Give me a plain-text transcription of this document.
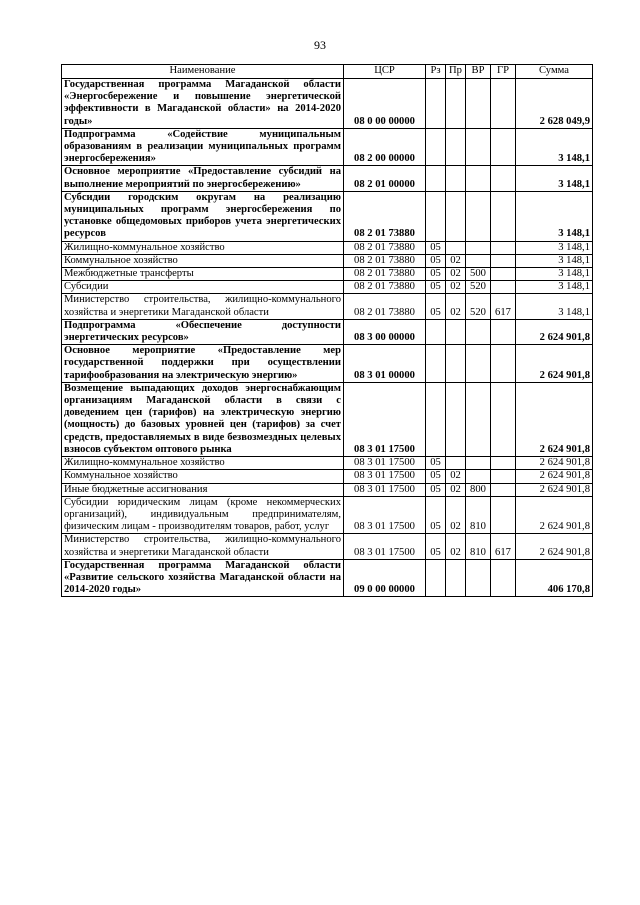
93
Наименование	ЦСР	Рз	Пр	ВР	ГР	Сумма
Государственная программа Магаданской области «Энергосбережение и повышение энергетической эффективности в Магаданской области» на 2014-2020 годы»	08 0 00 00000					2 628 049,9
Подпрограмма «Содействие муниципальным образованиям в реализации муниципальных программ энергосбережения»	08 2 00 00000					3 148,1
Основное мероприятие «Предоставление субсидий на выполнение мероприятий по энергосбережению»	08 2 01 00000					3 148,1
Субсидии городским округам на реализацию муниципальных программ энергосбережения по установке общедомовых приборов учета энергетических ресурсов	08 2 01 73880					3 148,1
Жилищно-коммунальное хозяйство	08 2 01 73880	05				3 148,1
Коммунальное хозяйство	08 2 01 73880	05	02			3 148,1
Межбюджетные трансферты	08 2 01 73880	05	02	500		3 148,1
Субсидии	08 2 01 73880	05	02	520		3 148,1
Министерство строительства, жилищно-коммунального хозяйства и энергетики Магаданской области	08 2 01 73880	05	02	520	617	3 148,1
Подпрограмма «Обеспечение доступности энергетических ресурсов»	08 3 00 00000					2 624 901,8
Основное мероприятие «Предоставление мер государственной поддержки при осуществлении тарифообразования на электрическую энергию»	08 3 01 00000					2 624 901,8
Возмещение выпадающих доходов энергоснабжающим организациям Магаданской области в связи с доведением цен (тарифов) на электрическую энергию (мощность) до базовых уровней цен (тарифов) за счет средств, предоставляемых в виде безвозмездных целевых взносов субъектом оптового рынка	08 3 01 17500					2 624 901,8
Жилищно-коммунальное хозяйство	08 3 01 17500	05				2 624 901,8
Коммунальное хозяйство	08 3 01 17500	05	02			2 624 901,8
Иные бюджетные ассигнования	08 3 01 17500	05	02	800		2 624 901,8
Субсидии юридическим лицам (кроме некоммерческих организаций), индивидуальным предпринимателям, физическим лицам - производителям товаров, работ, услуг	08 3 01 17500	05	02	810		2 624 901,8
Министерство строительства, жилищно-коммунального хозяйства и энергетики Магаданской области	08 3 01 17500	05	02	810	617	2 624 901,8
Государственная программа Магаданской области «Развитие сельского хозяйства Магаданской области на 2014-2020 годы»	09 0 00 00000					406 170,8
